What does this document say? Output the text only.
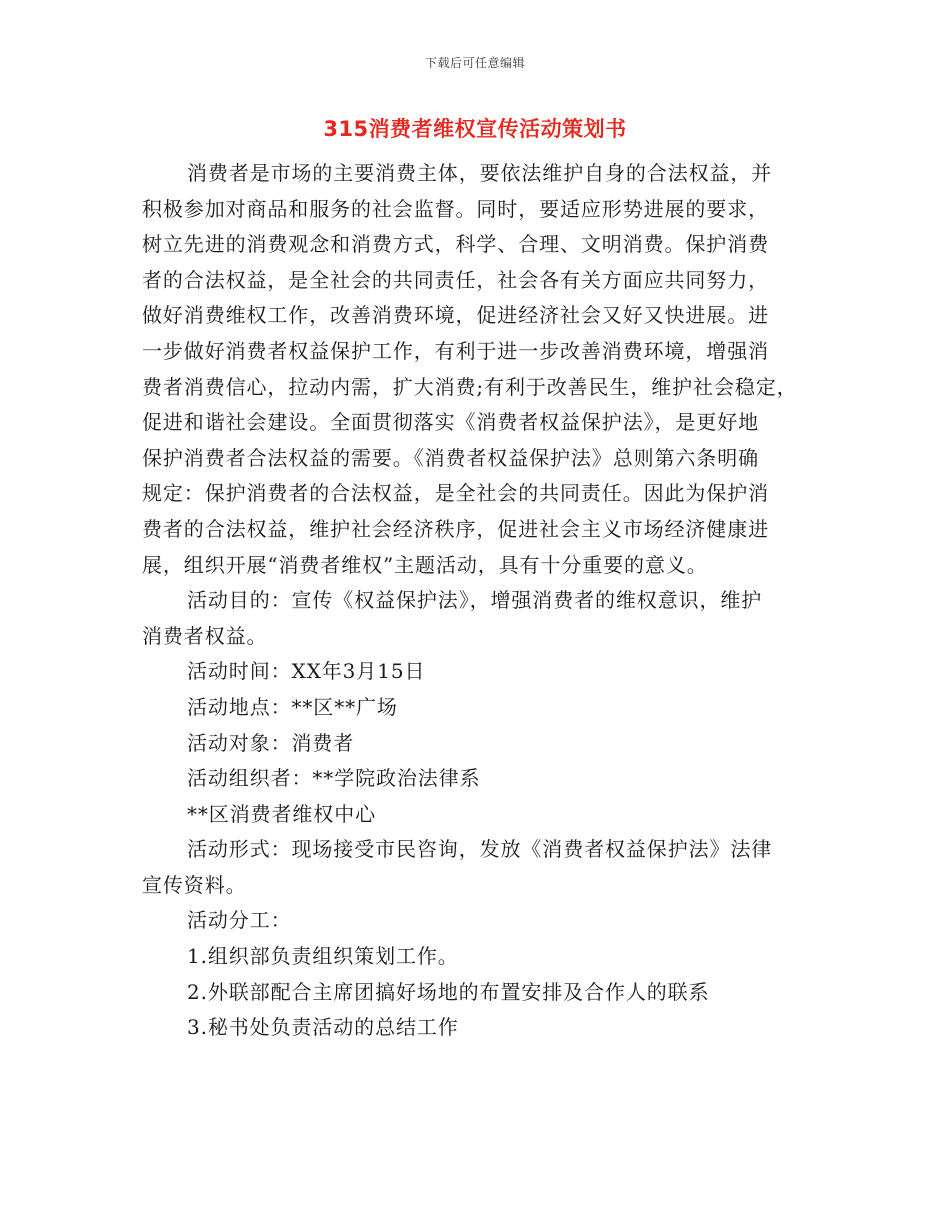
下载后可任意编辑
315消费者维权宣传活动策划书

消费者是市场的主要消费主体，要依法维护自身的合法权益，并

积极参加对商品和服务的社会监督。同时，要适应形势进展的要求，

树立先进的消费观念和消费方式，科学、合理、文明消费。保护消费

者的合法权益，是全社会的共同责任，社会各有关方面应共同努力，

做好消费维权工作，改善消费环境，促进经济社会又好又快进展。进

一步做好消费者权益保护工作，有利于进一步改善消费环境，增强消

费者消费信心，拉动内需，扩大消费;有利于改善民生，维护社会稳定，

促进和谐社会建设。全面贯彻落实《消费者权益保护法》，是更好地

保护消费者合法权益的需要。《消费者权益保护法》总则第六条明确

规定：保护消费者的合法权益，是全社会的共同责任。因此为保护消

费者的合法权益，维护社会经济秩序，促进社会主义市场经济健康进

展，组织开展“消费者维权”主题活动，具有十分重要的意义。

活动目的：宣传《权益保护法》，增强消费者的维权意识，维护

消费者权益。

活动时间：XX年3月15日

活动地点：**区**广场

活动对象：消费者

活动组织者：**学院政治法律系

**区消费者维权中心

活动形式：现场接受市民咨询，发放《消费者权益保护法》法律

宣传资料。

活动分工：

1.组织部负责组织策划工作。

2.外联部配合主席团搞好场地的布置安排及合作人的联系

3.秘书处负责活动的总结工作
